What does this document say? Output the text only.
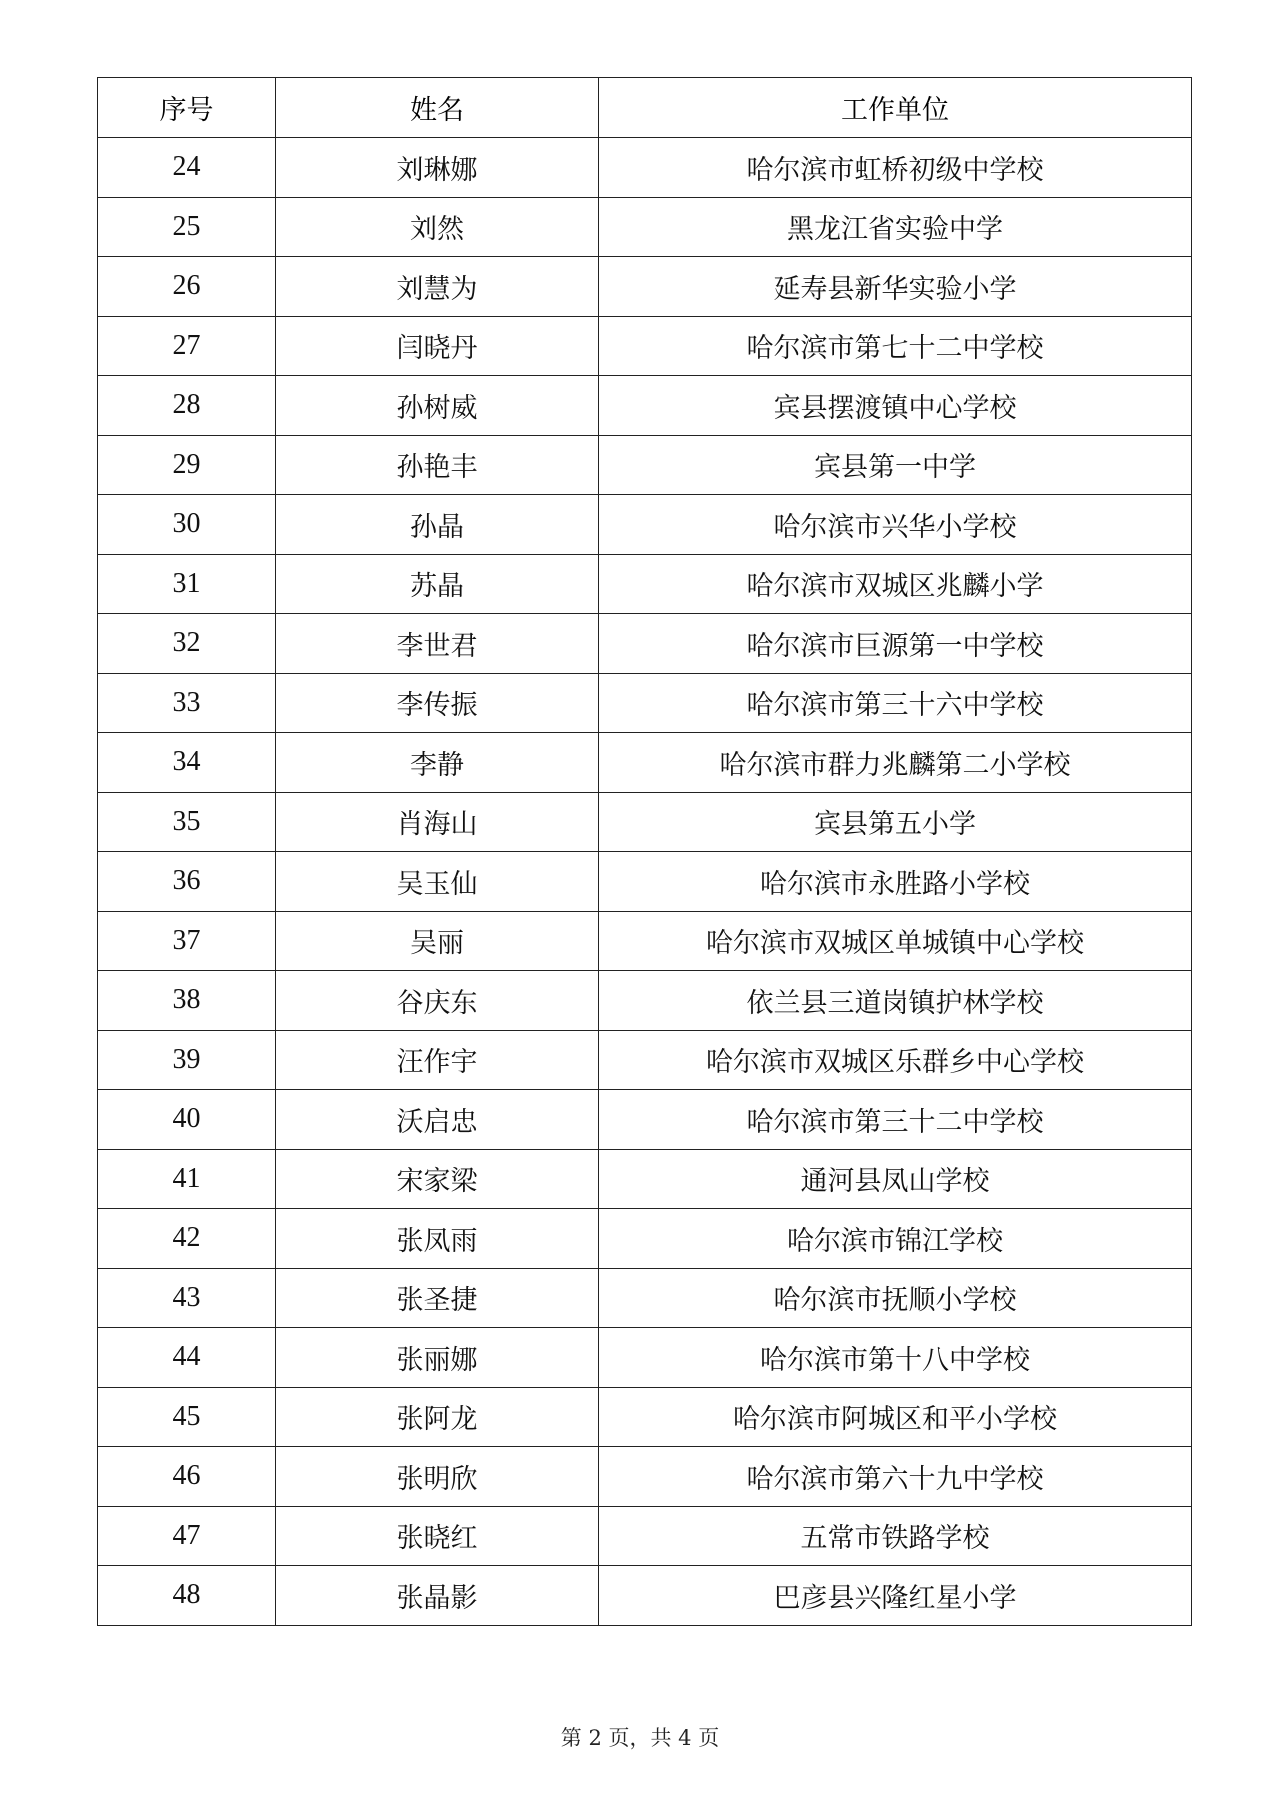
序号	姓名	工作单位
24	刘琳娜	哈尔滨市虹桥初级中学校
25	刘然	黑龙江省实验中学
26	刘慧为	延寿县新华实验小学
27	闫晓丹	哈尔滨市第七十二中学校
28	孙树威	宾县摆渡镇中心学校
29	孙艳丰	宾县第一中学
30	孙晶	哈尔滨市兴华小学校
31	苏晶	哈尔滨市双城区兆麟小学
32	李世君	哈尔滨市巨源第一中学校
33	李传振	哈尔滨市第三十六中学校
34	李静	哈尔滨市群力兆麟第二小学校
35	肖海山	宾县第五小学
36	吴玉仙	哈尔滨市永胜路小学校
37	吴丽	哈尔滨市双城区单城镇中心学校
38	谷庆东	依兰县三道岗镇护林学校
39	汪作宇	哈尔滨市双城区乐群乡中心学校
40	沃启忠	哈尔滨市第三十二中学校
41	宋家梁	通河县凤山学校
42	张凤雨	哈尔滨市锦江学校
43	张圣捷	哈尔滨市抚顺小学校
44	张丽娜	哈尔滨市第十八中学校
45	张阿龙	哈尔滨市阿城区和平小学校
46	张明欣	哈尔滨市第六十九中学校
47	张晓红	五常市铁路学校
48	张晶影	巴彦县兴隆红星小学
第 2 页，共 4 页
